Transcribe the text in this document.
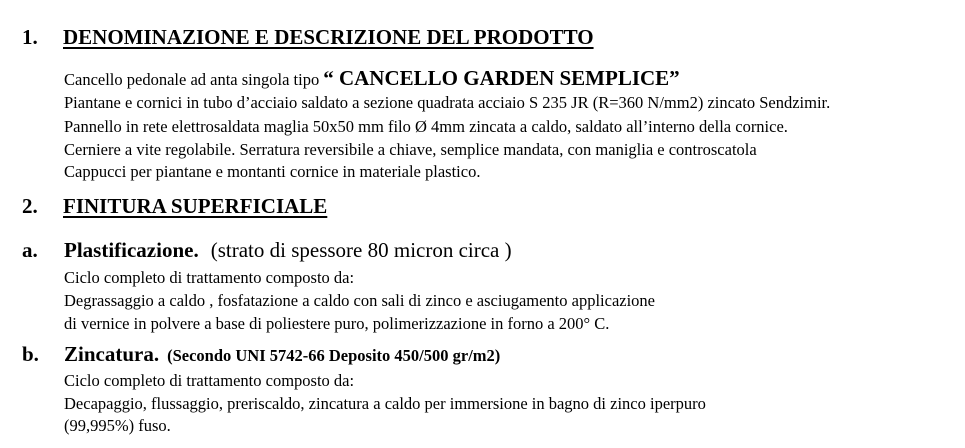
1. DENOMINAZIONE E DESCRIZIONE DEL PRODOTTO
Cancello pedonale ad anta singola tipo “ CANCELLO GARDEN SEMPLICE”
Piantane e cornici in tubo d’acciaio saldato a sezione quadrata acciaio S 235 JR (R=360 N/mm2) zincato Sendzimir.
Pannello in rete elettrosaldata maglia 50x50 mm filo Ø 4mm zincata a caldo, saldato all’interno della cornice.
Cerniere a vite regolabile. Serratura reversibile a chiave, semplice mandata, con maniglia e controscatola
Cappucci per piantane e montanti cornice in materiale plastico.
2. FINITURA SUPERFICIALE
a. Plastificazione. (strato di spessore 80 micron circa )
Ciclo completo di trattamento composto da:
Degrassaggio a caldo , fosfatazione a caldo con sali di zinco e asciugamento applicazione
di vernice in polvere a base di poliestere puro, polimerizzazione in forno a 200° C.
b. Zincatura. (Secondo UNI 5742-66 Deposito 450/500 gr/m2)
Ciclo completo di trattamento composto da:
Decapaggio, flussaggio, preriscaldo, zincatura a caldo per immersione in bagno di zinco iperpuro
(99,995%) fuso.
